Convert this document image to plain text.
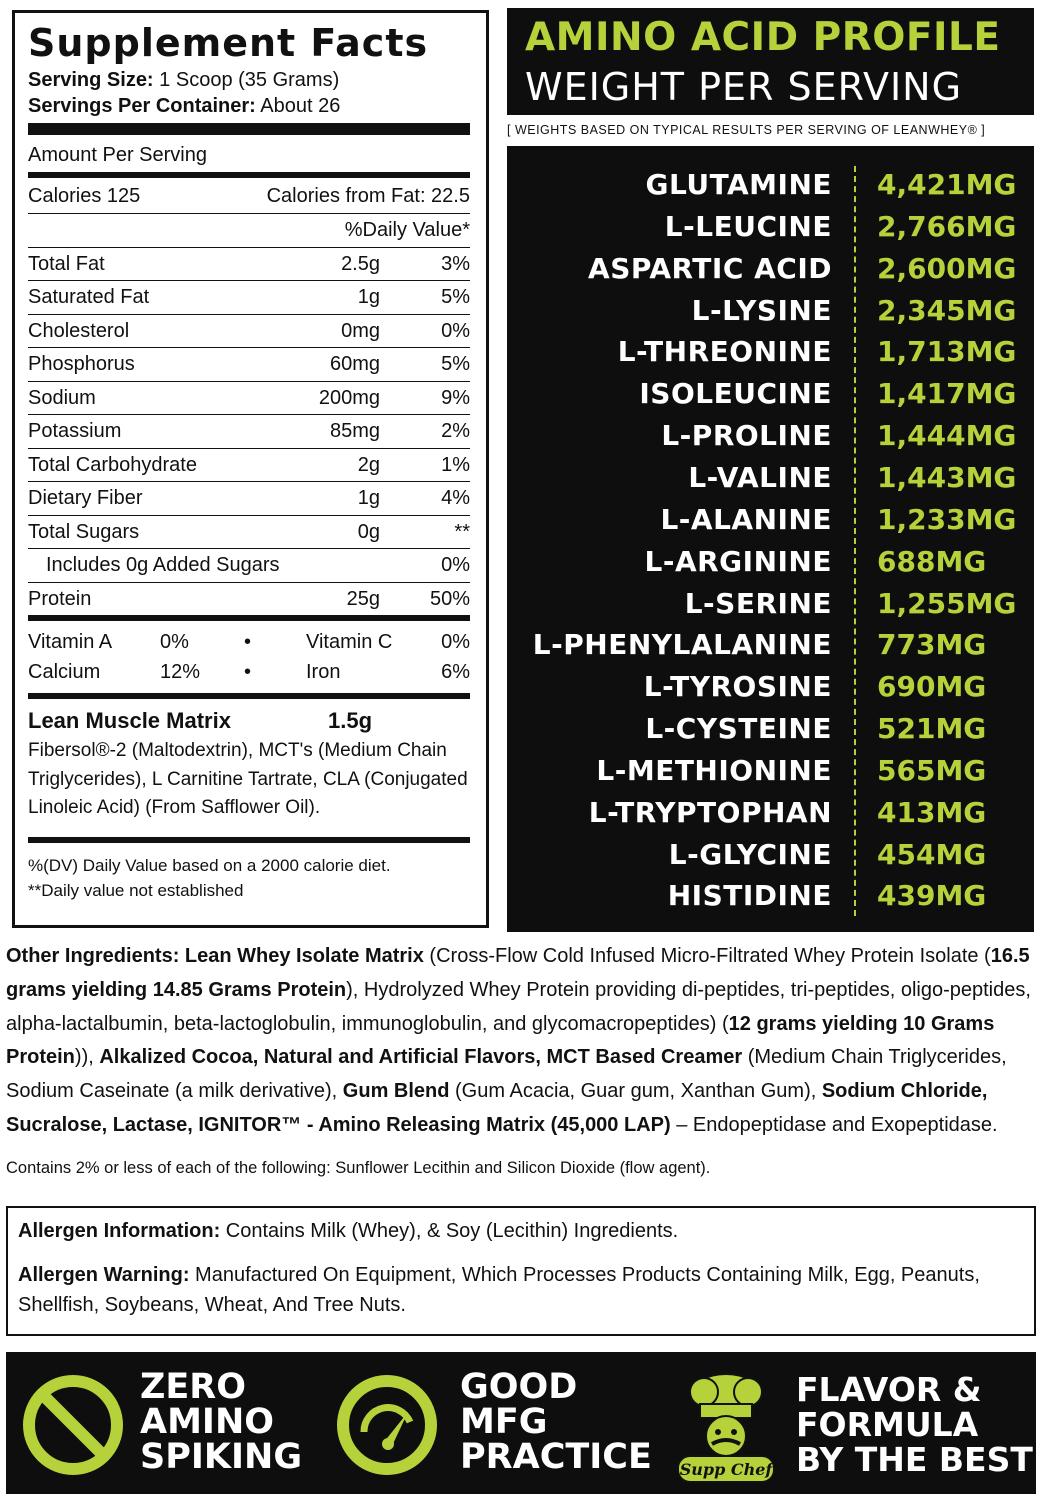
Supplement Facts
Serving Size: 1 Scoop (35 Grams)
Servings Per Container: About 26
Amount Per Serving
Calories 125	Calories from Fat: 22.5
%Daily Value*
Total Fat	2.5g	3%
Saturated Fat	1g	5%
Cholesterol	0mg	0%
Phosphorus	60mg	5%
Sodium	200mg	9%
Potassium	85mg	2%
Total Carbohydrate	2g	1%
Dietary Fiber	1g	4%
Total Sugars	0g	**
Includes 0g Added Sugars	0%
Protein	25g 50%
Vitamin A 0%	•	Vitamin C 0%
Calcium	12% •	Iron	6%
Lean Muscle Matrix	1.5g
Fibersol®-2 (Maltodextrin), MCT's (Medium Chain Triglycerides), L Carnitine Tartrate, CLA (Conjugated Linoleic Acid) (From Safflower Oil).
%(DV) Daily Value based on a 2000 calorie diet.
**Daily value not established
AMINO ACID PROFILE
WEIGHT PER SERVING
[ WEIGHTS BASED ON TYPICAL RESULTS PER SERVING OF LEANWHEY® ]
GLUTAMINE 4,421MG
L-LEUCINE 2,766MG
ASPARTIC ACID 2,600MG
L-LYSINE 2,345MG
L-THREONINE 1,713MG
ISOLEUCINE 1,417MG
L-PROLINE 1,444MG
L-VALINE 1,443MG
L-ALANINE 1,233MG
L-ARGININE 688MG
L-SERINE 1,255MG
L-PHENYLALANINE 773MG
L-TYROSINE 690MG
L-CYSTEINE 521MG
L-METHIONINE 565MG
L-TRYPTOPHAN 413MG
L-GLYCINE 454MG
HISTIDINE 439MG
Other Ingredients: Lean Whey Isolate Matrix (Cross-Flow Cold Infused Micro-Filtrated Whey Protein Isolate (16.5 grams yielding 14.85 Grams Protein), Hydrolyzed Whey Protein providing di-peptides, tri-peptides, oligo-peptides, alpha-lactalbumin, beta-lactoglobulin, immunoglobulin, and glycomacropeptides) (12 grams yielding 10 Grams Protein)), Alkalized Cocoa, Natural and Artificial Flavors, MCT Based Creamer (Medium Chain Triglycerides, Sodium Caseinate (a milk derivative), Gum Blend (Gum Acacia, Guar gum, Xanthan Gum), Sodium Chloride, Sucralose, Lactase, IGNITOR™ - Amino Releasing Matrix (45,000 LAP) – Endopeptidase and Exopeptidase.
Contains 2% or less of each of the following: Sunflower Lecithin and Silicon Dioxide (flow agent).

Allergen Information: Contains Milk (Whey), & Soy (Lecithin) Ingredients.

Allergen Warning: Manufactured On Equipment, Which Processes Products Containing Milk, Egg, Peanuts, Shellfish, Soybeans, Wheat, And Tree Nuts.

ZERO
AMINO
SPIKING
GOOD
MFG
PRACTICE Supp Chef
FLAVOR &
FORMULA
BY THE BEST
